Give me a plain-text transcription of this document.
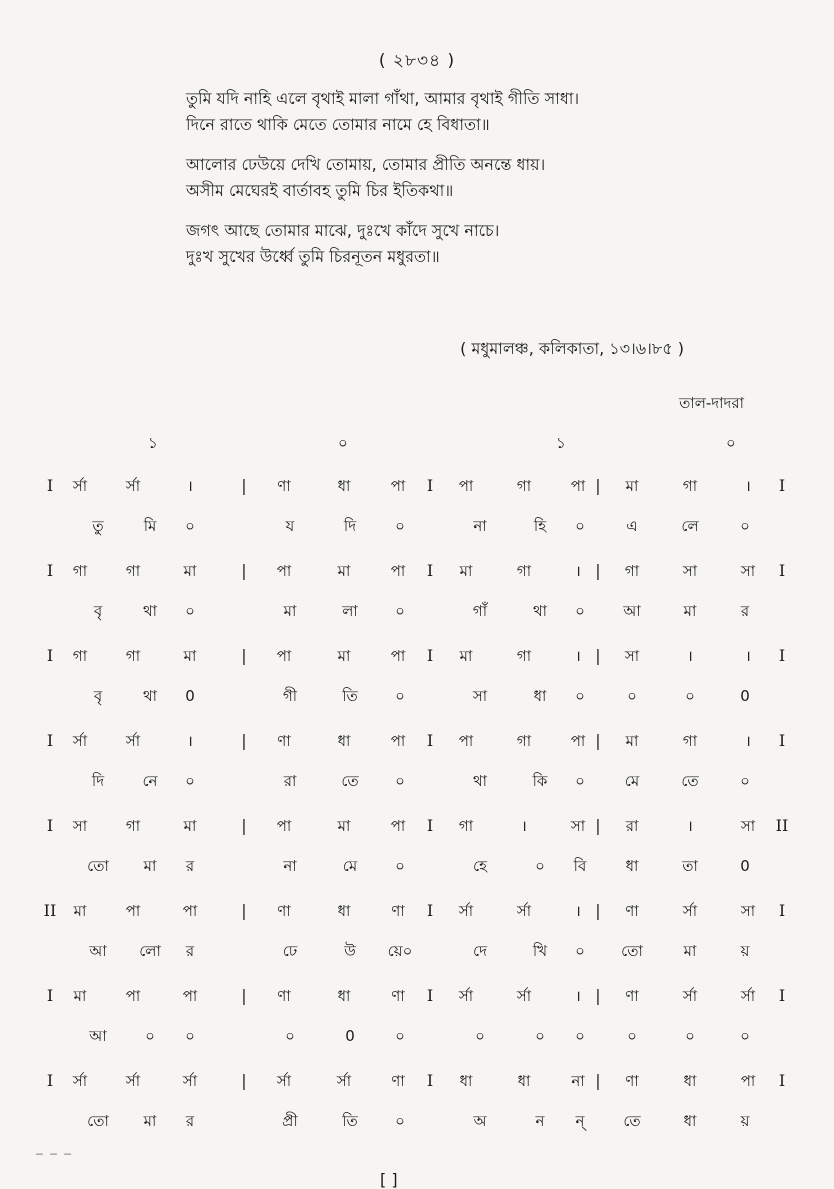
( ২৮৩৪ )
তুমি যদি নাহি এলে বৃথাই মালা গাঁথা, আমার বৃথাই গীতি সাধা।
দিনে রাতে থাকি মেতে তোমার নামে হে বিধাতা॥
আলোর ঢেউয়ে দেখি তোমায়, তোমার প্রীতি অনন্তে ধায়।
অসীম মেঘেরই বার্তাবহ তুমি চির ইতিকথা॥
জগৎ আছে তোমার মাঝে, দুঃখে কাঁদে সুখে নাচে।
দুঃখ সুখের উর্ধ্বে তুমি চিরনূতন মধুরতা॥
( মধুমালঞ্চ, কলিকাতা, ১৩।৬।৮৫ )
তাল-দাদরা
১	০	১	০
I	র্সা	র্সা	।	|	ণা	ধা	পা	I	পা	গা	পা |	মা	গা	।	I
তু	মি	০	য	দি	০	না	হি	০	এ	লে	০
I	গা	গা	মা	|	পা	মা	পা	I	মা	গা	। |	গা	সা	সা	I
বৃ	থা	০	মা	লা	০	গাঁ	থা	০	আ	মা	র
I	গা	গা	মা	|	পা	মা	পা	I	মা	গা	। |	সা	।	।	I
বৃ	থা	0	গী	তি	০	সা	ধা	০	০	০	0
I	র্সা	র্সা	।	|	ণা	ধা	পা	I	পা	গা	পা |	মা	গা	।	I
দি	নে	০	রা	তে	০	থা	কি	০	মে	তে	০
I	সা	গা	মা	|	পা	মা	পা	I	গা	।	সা |	রা	।	সা	II
তো	মা	র	না	মে	০	হে	০	বি	ধা	তা	0
II	মা	পা	পা	|	ণা	ধা	ণা	I	র্সা	র্সা	। |	ণা	র্সা	সা	I
আ	লো	র	ঢে	উ	য়ে০	দে	খি	০	তো	মা	য়
I	মা	পা	পা	|	ণা	ধা	ণা	I	র্সা	র্সা	। |	ণা	র্সা	র্সা	I
আ	০	০	০	0	০	০	০	০	০	০	০
I	র্সা	র্সা	র্সা	|	র্সা	র্সা	ণা	I	ধা	ধা	না |	ণা	ধা	পা	I
তো	মা	র	প্রী	তি	০	অ	ন	ন্	তে	ধা	য়
─ ─ ─
[ ]
